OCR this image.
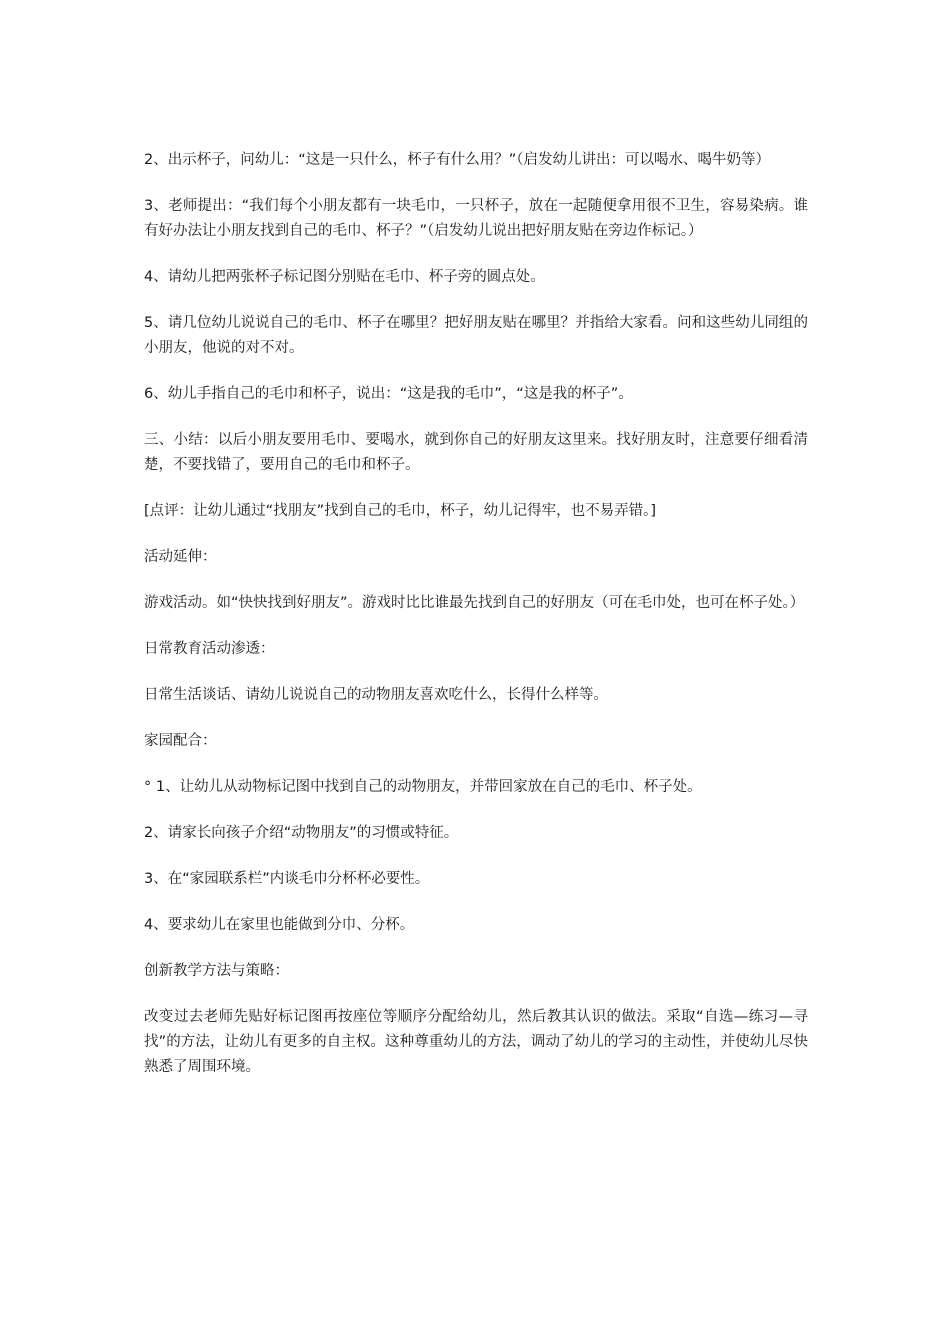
2、出示杯子，问幼儿：“这是一只什么，杯子有什么用？”（启发幼儿讲出：可以喝水、喝牛奶等）

3、老师提出：“我们每个小朋友都有一块毛巾，一只杯子，放在一起随便拿用很不卫生，容易染病。谁有好办法让小朋友找到自己的毛巾、杯子？”（启发幼儿说出把好朋友贴在旁边作标记。）

4、请幼儿把两张杯子标记图分别贴在毛巾、杯子旁的圆点处。

5、请几位幼儿说说自己的毛巾、杯子在哪里？把好朋友贴在哪里？并指给大家看。问和这些幼儿同组的小朋友，他说的对不对。

6、幼儿手指自己的毛巾和杯子，说出：“这是我的毛巾”，“这是我的杯子”。

三、小结：以后小朋友要用毛巾、要喝水，就到你自己的好朋友这里来。找好朋友时，注意要仔细看清楚，不要找错了，要用自己的毛巾和杯子。

[点评：让幼儿通过“找朋友”找到自己的毛巾，杯子，幼儿记得牢，也不易弄错。]

活动延伸：

游戏活动。如“快快找到好朋友”。游戏时比比谁最先找到自己的好朋友（可在毛巾处，也可在杯子处。）

日常教育活动渗透：

日常生活谈话、请幼儿说说自己的动物朋友喜欢吃什么，长得什么样等。

家园配合：

° 1、让幼儿从动物标记图中找到自己的动物朋友，并带回家放在自己的毛巾、杯子处。

2、请家长向孩子介绍“动物朋友”的习惯或特征。

3、在“家园联系栏”内谈毛巾分杯杯必要性。

4、要求幼儿在家里也能做到分巾、分杯。

创新教学方法与策略：

改变过去老师先贴好标记图再按座位等顺序分配给幼儿，然后教其认识的做法。采取“自选—练习—寻找”的方法，让幼儿有更多的自主权。这种尊重幼儿的方法，调动了幼儿的学习的主动性，并使幼儿尽快熟悉了周围环境。
